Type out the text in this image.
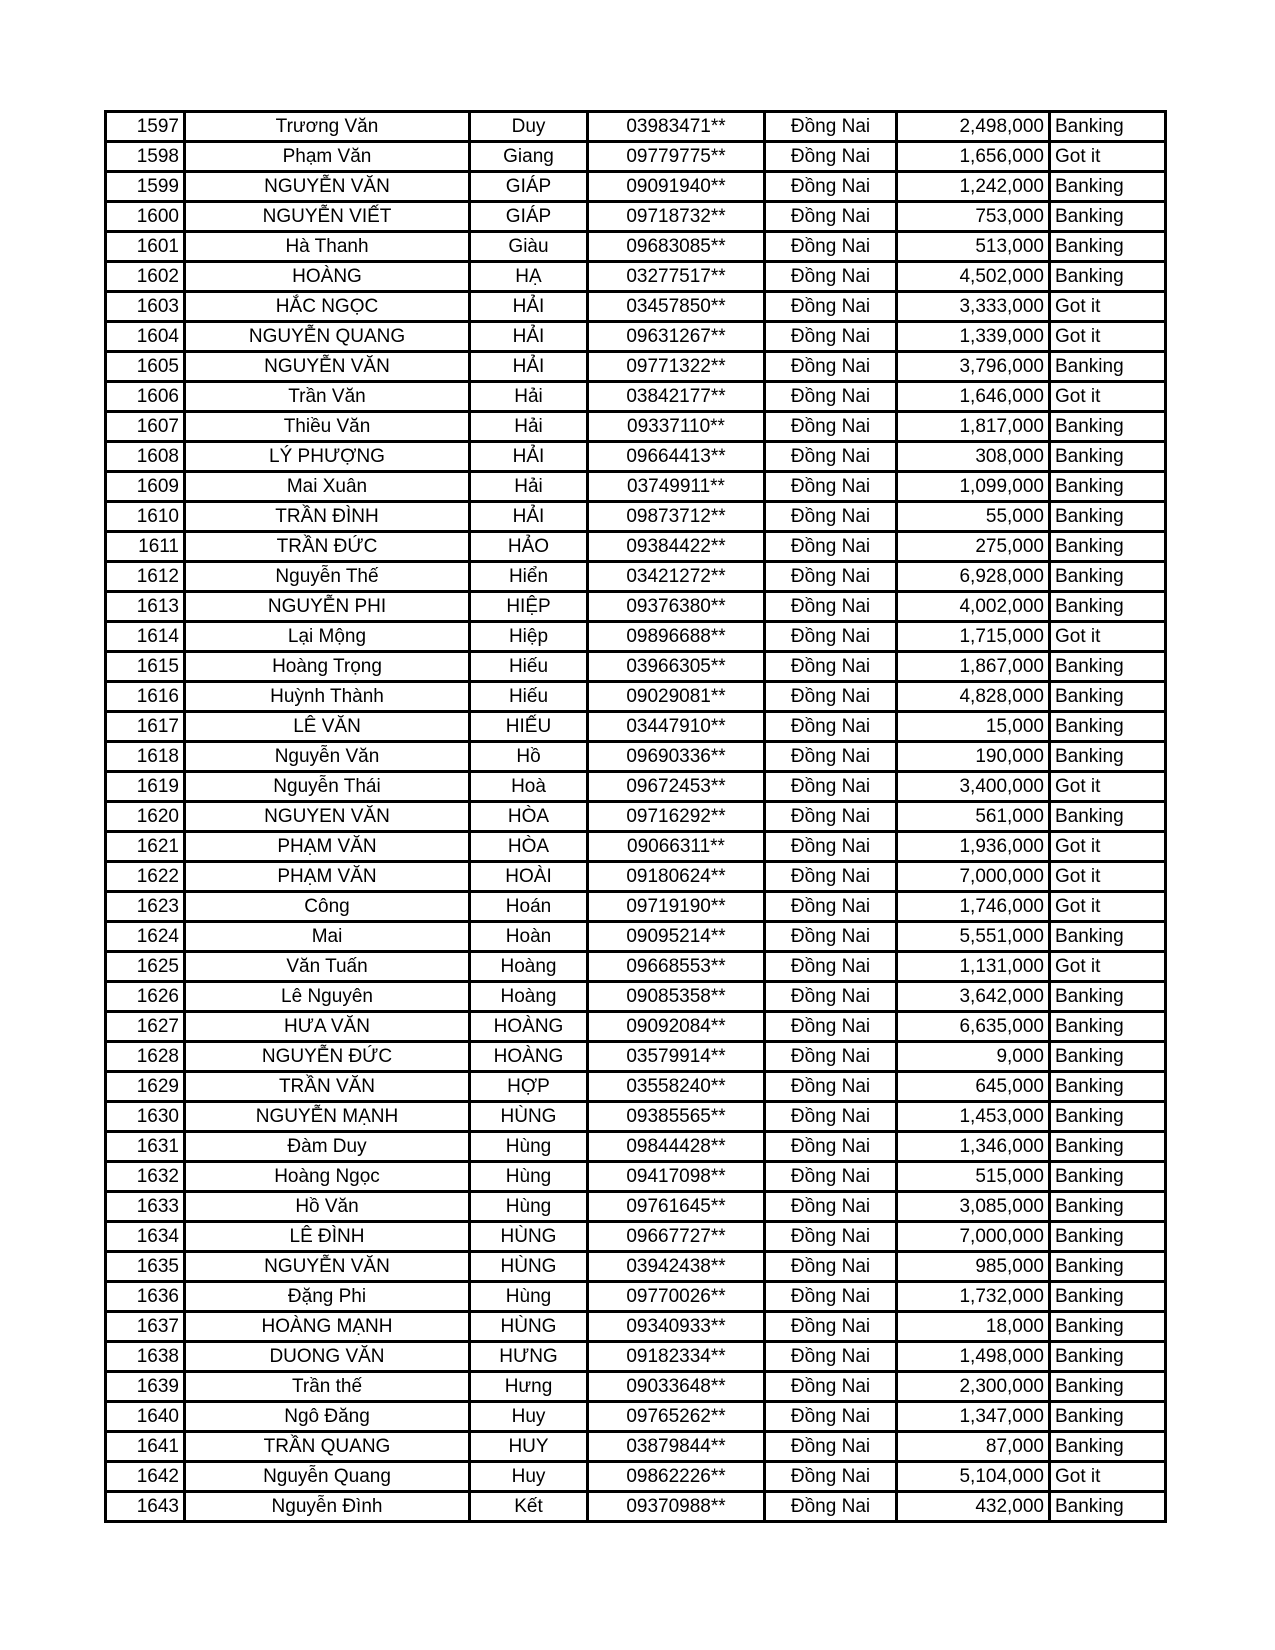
1597	Trương Văn	Duy	03983471**	Đồng Nai	2,498,000	Banking
1598	Phạm Văn	Giang	09779775**	Đồng Nai	1,656,000	Got it
1599	NGUYỄN VĂN	GIÁP	09091940**	Đồng Nai	1,242,000	Banking
1600	NGUYỄN VIẾT	GIÁP	09718732**	Đồng Nai	753,000	Banking
1601	Hà Thanh	Giàu	09683085**	Đồng Nai	513,000	Banking
1602	HOÀNG	HẠ	03277517**	Đồng Nai	4,502,000	Banking
1603	HẮC NGỌC	HẢI	03457850**	Đồng Nai	3,333,000	Got it
1604	NGUYỄN QUANG	HẢI	09631267**	Đồng Nai	1,339,000	Got it
1605	NGUYỄN VĂN	HẢI	09771322**	Đồng Nai	3,796,000	Banking
1606	Trần Văn	Hải	03842177**	Đồng Nai	1,646,000	Got it
1607	Thiều Văn	Hải	09337110**	Đồng Nai	1,817,000	Banking
1608	LÝ PHƯỢNG	HẢI	09664413**	Đồng Nai	308,000	Banking
1609	Mai Xuân	Hải	03749911**	Đồng Nai	1,099,000	Banking
1610	TRẦN ĐÌNH	HẢI	09873712**	Đồng Nai	55,000	Banking
1611	TRẦN ĐỨC	HẢO	09384422**	Đồng Nai	275,000	Banking
1612	Nguyễn Thế	Hiển	03421272**	Đồng Nai	6,928,000	Banking
1613	NGUYỄN PHI	HIỆP	09376380**	Đồng Nai	4,002,000	Banking
1614	Lại Mộng	Hiệp	09896688**	Đồng Nai	1,715,000	Got it
1615	Hoàng Trọng	Hiếu	03966305**	Đồng Nai	1,867,000	Banking
1616	Huỳnh Thành	Hiếu	09029081**	Đồng Nai	4,828,000	Banking
1617	LÊ VĂN	HIẾU	03447910**	Đồng Nai	15,000	Banking
1618	Nguyễn Văn	Hồ	09690336**	Đồng Nai	190,000	Banking
1619	Nguyễn Thái	Hoà	09672453**	Đồng Nai	3,400,000	Got it
1620	NGUYEN VĂN	HÒA	09716292**	Đồng Nai	561,000	Banking
1621	PHẠM VĂN	HÒA	09066311**	Đồng Nai	1,936,000	Got it
1622	PHẠM VĂN	HOÀI	09180624**	Đồng Nai	7,000,000	Got it
1623	Công	Hoán	09719190**	Đồng Nai	1,746,000	Got it
1624	Mai	Hoàn	09095214**	Đồng Nai	5,551,000	Banking
1625	Văn Tuấn	Hoàng	09668553**	Đồng Nai	1,131,000	Got it
1626	Lê Nguyên	Hoàng	09085358**	Đồng Nai	3,642,000	Banking
1627	HƯA VĂN	HOÀNG	09092084**	Đồng Nai	6,635,000	Banking
1628	NGUYỄN ĐỨC	HOÀNG	03579914**	Đồng Nai	9,000	Banking
1629	TRẦN VĂN	HỢP	03558240**	Đồng Nai	645,000	Banking
1630	NGUYỄN MẠNH	HÙNG	09385565**	Đồng Nai	1,453,000	Banking
1631	Đàm Duy	Hùng	09844428**	Đồng Nai	1,346,000	Banking
1632	Hoàng Ngọc	Hùng	09417098**	Đồng Nai	515,000	Banking
1633	Hồ Văn	Hùng	09761645**	Đồng Nai	3,085,000	Banking
1634	LÊ ĐÌNH	HÙNG	09667727**	Đồng Nai	7,000,000	Banking
1635	NGUYỄN VĂN	HÙNG	03942438**	Đồng Nai	985,000	Banking
1636	Đặng Phi	Hùng	09770026**	Đồng Nai	1,732,000	Banking
1637	HOÀNG MẠNH	HÙNG	09340933**	Đồng Nai	18,000	Banking
1638	DUONG VĂN	HƯNG	09182334**	Đồng Nai	1,498,000	Banking
1639	Trần thế	Hưng	09033648**	Đồng Nai	2,300,000	Banking
1640	Ngô Đăng	Huy	09765262**	Đồng Nai	1,347,000	Banking
1641	TRẦN QUANG	HUY	03879844**	Đồng Nai	87,000	Banking
1642	Nguyễn Quang	Huy	09862226**	Đồng Nai	5,104,000	Got it
1643	Nguyễn Đình	Kết	09370988**	Đồng Nai	432,000	Banking
